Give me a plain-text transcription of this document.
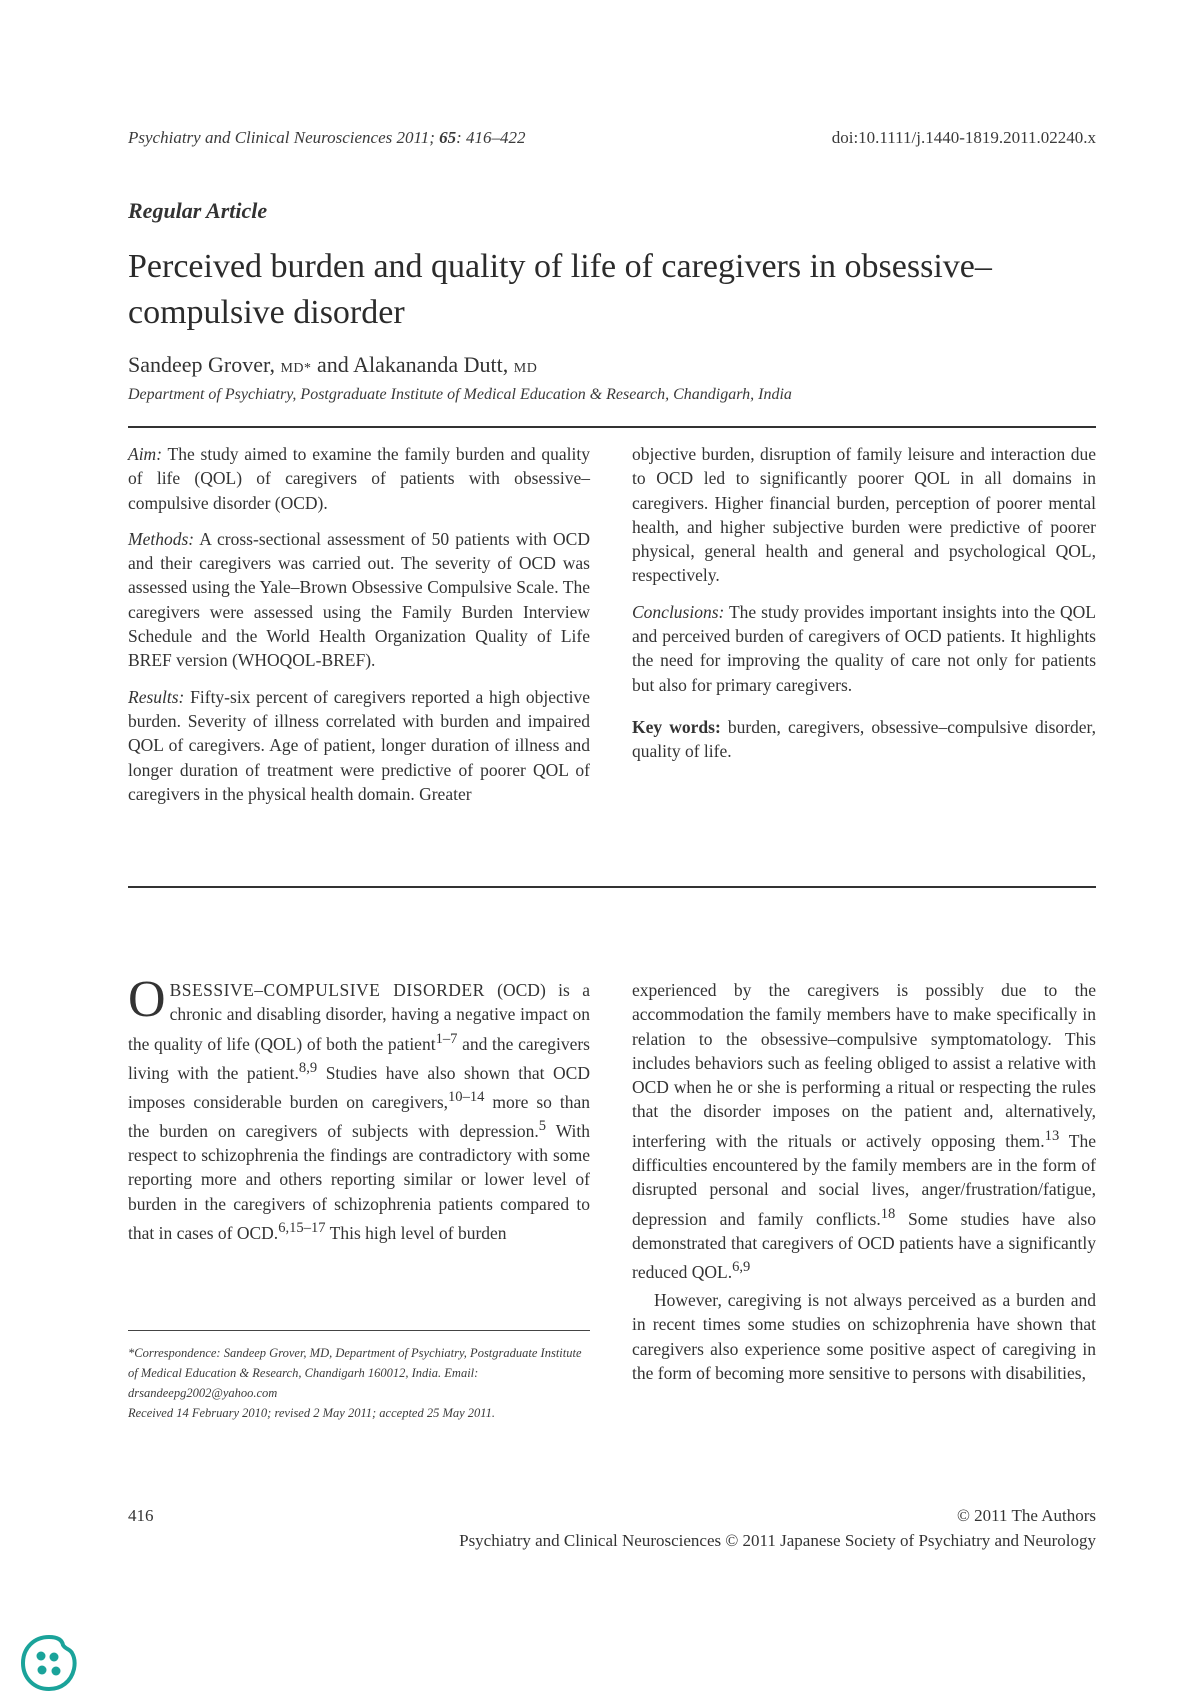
Psychiatry and Clinical Neurosciences 2011; 65: 416–422	doi:10.1111/j.1440-1819.2011.02240.x
Regular Article
Perceived burden and quality of life of caregivers in obsessive–compulsive disorder
Sandeep Grover, MD* and Alakananda Dutt, MD
Department of Psychiatry, Postgraduate Institute of Medical Education & Research, Chandigarh, India

Aim: The study aimed to examine the family burden and quality of life (QOL) of caregivers of patients with obsessive–compulsive disorder (OCD).

Methods: A cross-sectional assessment of 50 patients with OCD and their caregivers was carried out. The severity of OCD was assessed using the Yale–Brown Obsessive Compulsive Scale. The caregivers were assessed using the Family Burden Interview Schedule and the World Health Organization Quality of Life BREF version (WHOQOL-BREF).

Results: Fifty-six percent of caregivers reported a high objective burden. Severity of illness correlated with burden and impaired QOL of caregivers. Age of patient, longer duration of illness and longer duration of treatment were predictive of poorer QOL of caregivers in the physical health domain. Greater

objective burden, disruption of family leisure and interaction due to OCD led to significantly poorer QOL in all domains in caregivers. Higher financial burden, perception of poorer mental health, and higher subjective burden were predictive of poorer physical, general health and general and psychological QOL, respectively.

Conclusions: The study provides important insights into the QOL and perceived burden of caregivers of OCD patients. It highlights the need for improving the quality of care not only for patients but also for primary caregivers.

Key words: burden, caregivers, obsessive–compulsive disorder, quality of life.

OBSESSIVE–COMPULSIVE DISORDER (OCD) is a chronic and disabling disorder, having a negative impact on the quality of life (QOL) of both the patient$^{1-7}$ and the caregivers living with the patient.$^{8,9}$ Studies have also shown that OCD imposes considerable burden on caregivers,$^{10-14}$ more so than the burden on caregivers of subjects with depression.$^5$ With respect to schizophrenia the findings are contradictory with some reporting more and others reporting similar or lower level of burden in the caregivers of schizophrenia patients compared to that in cases of OCD.$^{6,15-17}$ This high level of burden

experienced by the caregivers is possibly due to the accommodation the family members have to make specifically in relation to the obsessive–compulsive symptomatology. This includes behaviors such as feeling obliged to assist a relative with OCD when he or she is performing a ritual or respecting the rules that the disorder imposes on the patient and, alternatively, interfering with the rituals or actively opposing them.$^{13}$ The difficulties encountered by the family members are in the form of disrupted personal and social lives, anger/frustration/fatigue, depression and family conflicts.$^{18}$ Some studies have also demonstrated that caregivers of OCD patients have a significantly reduced QOL.$^{6,9}$

However, caregiving is not always perceived as a burden and in recent times some studies on schizophrenia have shown that caregivers also experience some positive aspect of caregiving in the form of becoming more sensitive to persons with disabilities,

*Correspondence: Sandeep Grover, MD, Department of Psychiatry, Postgraduate Institute of Medical Education & Research, Chandigarh 160012, India. Email: drsandeepg2002@yahoo.com
Received 14 February 2010; revised 2 May 2011; accepted 25 May 2011.
416	© 2011 The Authors
Psychiatry and Clinical Neurosciences © 2011 Japanese Society of Psychiatry and Neurology
